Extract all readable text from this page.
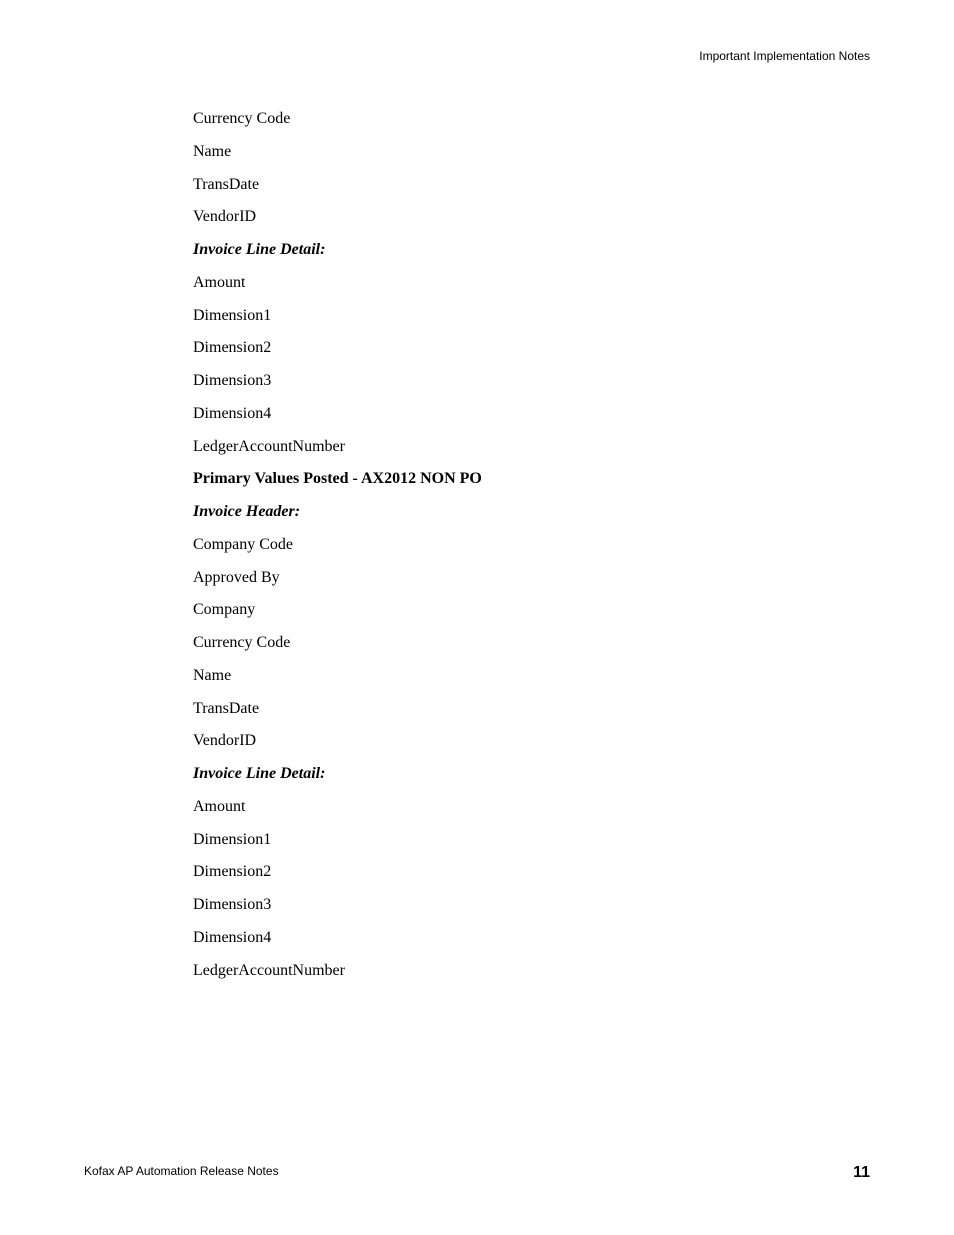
Important Implementation Notes
Currency Code
Name
TransDate
VendorID
Invoice Line Detail:
Amount
Dimension1
Dimension2
Dimension3
Dimension4
LedgerAccountNumber
Primary Values Posted - AX2012 NON PO
Invoice Header:
Company Code
Approved By
Company
Currency Code
Name
TransDate
VendorID
Invoice Line Detail:
Amount
Dimension1
Dimension2
Dimension3
Dimension4
LedgerAccountNumber
Kofax AP Automation Release Notes	11
